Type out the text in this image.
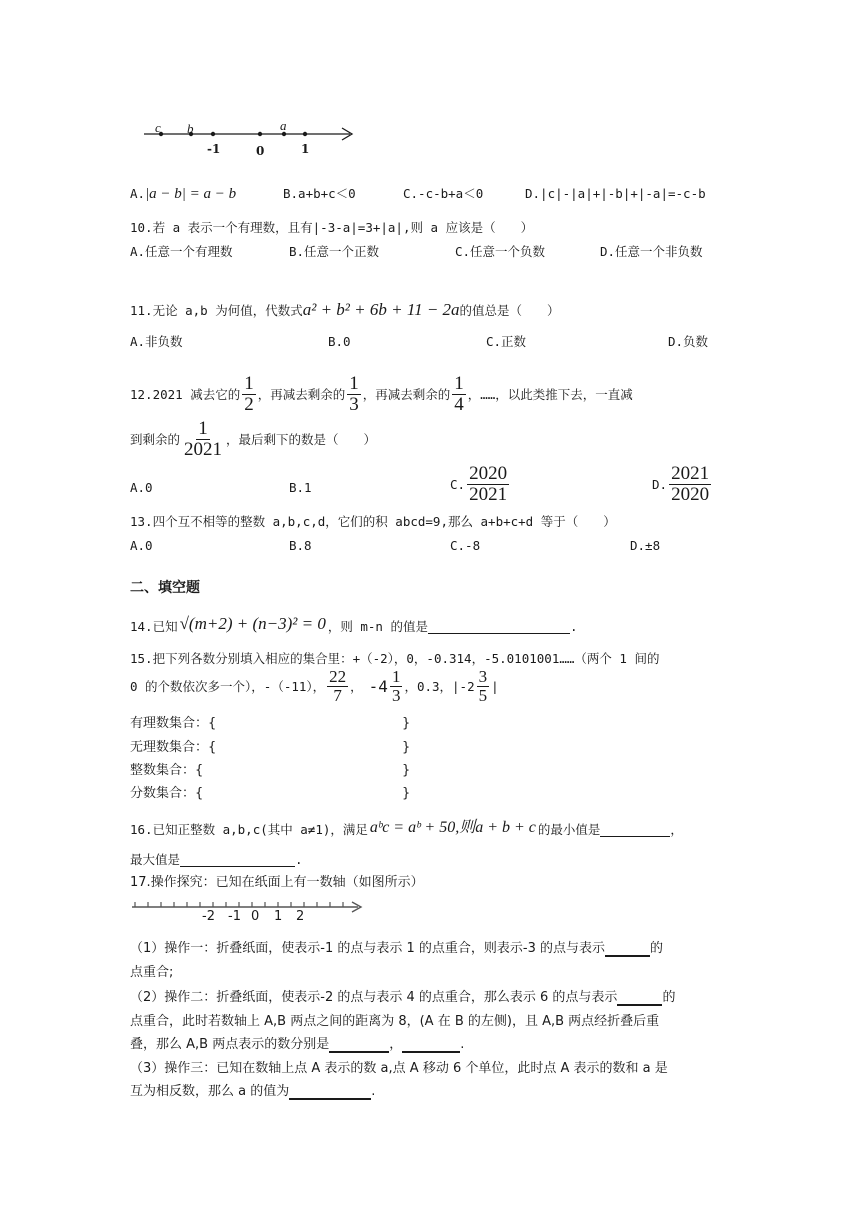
c b	a
-1	0	1
A.|a − b| = a − b	B.a+b+c＜0	C.-c-b+a＜0	D.|c|-|a|+|-b|+|-a|=-c-b
10.若 a 表示一个有理数，且有|-3-a|=3+|a|,则 a 应该是（　　）
A.任意一个有理数	B.任意一个正数	C.任意一个负数	D.任意一个非负数
11.无论 a,b 为何值，代数式a² + b² + 6b + 11 − 2a的值总是（　　）
A.非负数	B.0	C.正数	D.负数
12.2021 减去它的 $\frac{1}{2}$ ，再减去剩余的 $\frac{1}{3}$ ，再减去剩余的 $\frac{1}{4}$ ，……，以此类推下去，一直减
到剩余的 $\frac{1}{2021}$ ，最后剩下的数是（　　）
A.0	B.1	C. $\frac{2020}{2021}$	D. $\frac{2021}{2020}$
13.四个互不相等的整数 a,b,c,d，它们的积 abcd=9,那么 a+b+c+d 等于（　　）
A.0	B.8	C.-8	D.±8
二、填空题
14.已知 √(m+2) + (n−3)² = 0 ，则 m-n 的值是	.
15.把下列各数分别填入相应的集合里：+（-2），0，-0.314，-5.0101001……（两个 1 间的
0 的个数依次多一个），-（-11）， $\frac{22}{7}$ ， $-4 \frac{1}{3}$ ，0.3，$|-2 \frac{3}{5}$ |
有理数集合：{	}
无理数集合：{	}
整数集合：{	}
分数集合：{	}
16.已知正整数 a,b,c(其中 a≠1)，满足 aᵇc = aᵇ + 50,则a + b + c 的最小值是	，
最大值是	.
17.操作探究：已知在纸面上有一数轴（如图所示）
-2 -1 0 1 2
（1）操作一：折叠纸面，使表示-1 的点与表示 1 的点重合，则表示-3 的点与表示	的
点重合;
（2）操作二：折叠纸面，使表示-2 的点与表示 4 的点重合，那么表示 6 的点与表示	的
点重合，此时若数轴上 A,B 两点之间的距离为 8，(A 在 B 的左侧)，且 A,B 两点经折叠后重
叠，那么 A,B 两点表示的数分别是	，	.
（3）操作三：已知在数轴上点 A 表示的数 a,点 A 移动 6 个单位，此时点 A 表示的数和 a 是
互为相反数，那么 a 的值为	.
